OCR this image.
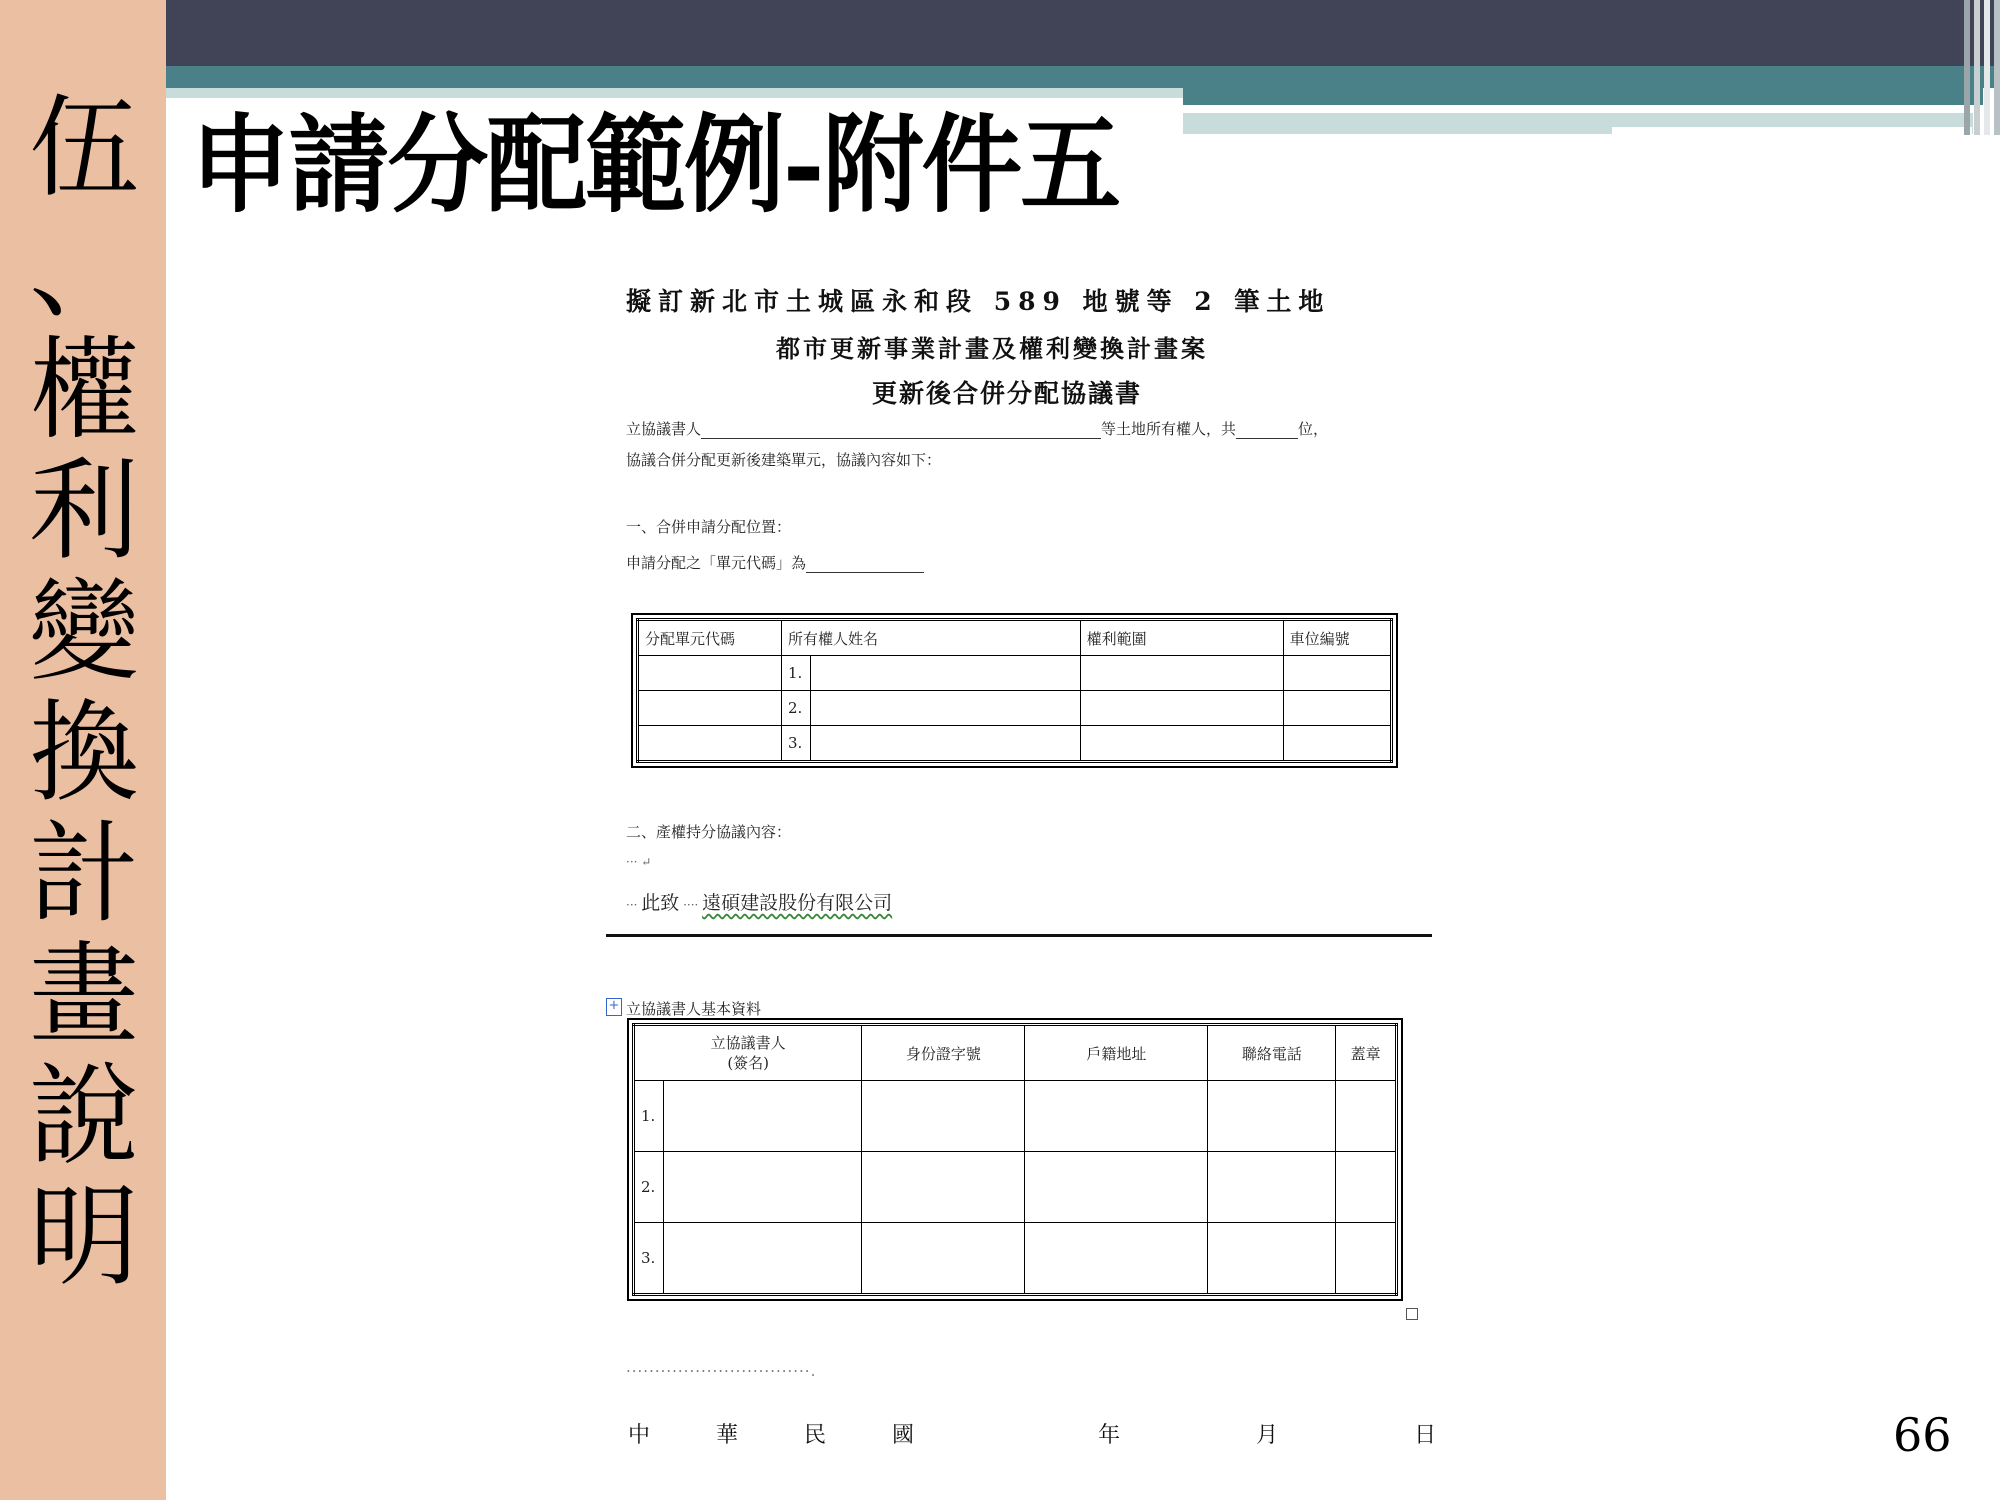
伍
、
權
利
變
換
計
畫
說
明
申請分配範例-附件五
擬訂新北市土城區永和段 589 地號等 2 筆土地
都市更新事業計畫及權利變換計畫案
更新後合併分配協議書
立協議書人	等土地所有權人，共	位，
協議合併分配更新後建築單元，協議內容如下：
一、合併申請分配位置：
申請分配之「單元代碼」為
分配單元代碼	所有權人姓名		權利範圍	車位編號
	1.			
	2.			
	3.			
二、產權持分協議內容：
··· ↵
··· 此致 ···· 遠碩建設股份有限公司
+ 立協議書人基本資料
立協議書人
(簽名)		身份證字號	戶籍地址	聯絡電話	蓋章
1.					
2.					
3.					
································.
中	華	民	國	年	月	日	66
